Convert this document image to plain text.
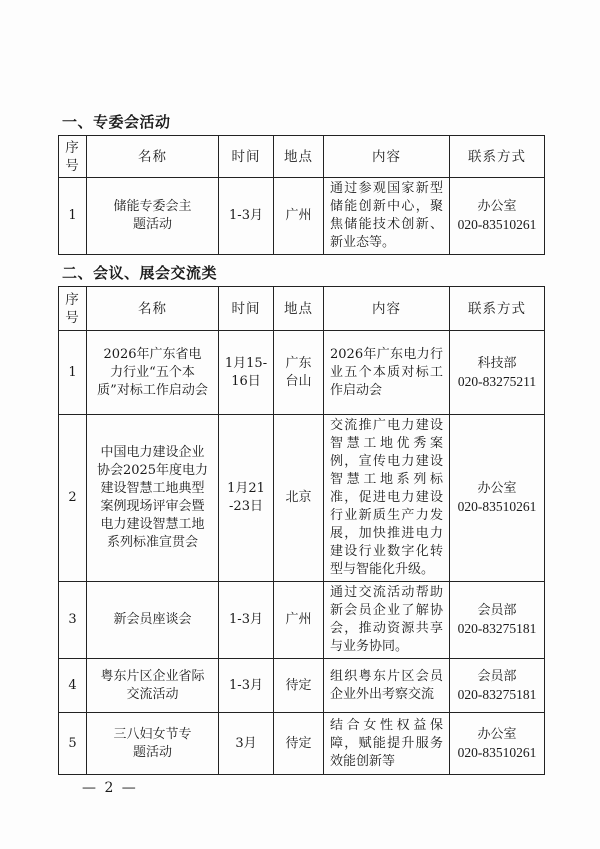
一、专委会活动
序号	名称	时间	地点	内容	联系方式
1	储能专委会主题活动	1-3月	广州	通过参观国家新型储能创新中心，聚焦储能技术创新、新业态等。	办公室
020-83510261
二、会议、展会交流类
序号	名称	时间	地点	内容	联系方式
1	2026年广东省电力行业“五个本质”对标工作启动会	1月15-16日	广东台山	2026年广东电力行业五个本质对标工作启动会	科技部
020-83275211

2	中国电力建设企业协会2025年度电力建设智慧工地典型案例现场评审会暨电力建设智慧工地系列标准宣贯会	1月21-23日	北京	交流推广电力建设智慧工地优秀案例，宣传电力建设智慧工地系列标准，促进电力建设行业新质生产力发展，加快推进电力建设行业数字化转型与智能化升级。	办公室
020-83510261

3	新会员座谈会	1-3月	广州	通过交流活动帮助新会员企业了解协会，推动资源共享与业务协同。	会员部
020-83275181

4	粤东片区企业省际交流活动	1-3月	待定	组织粤东片区会员企业外出考察交流	会员部
020-83275181

5	三八妇女节专题活动	3月	待定	结合女性权益保障，赋能提升服务效能创新等	办公室
020-83510261
— 2 —
